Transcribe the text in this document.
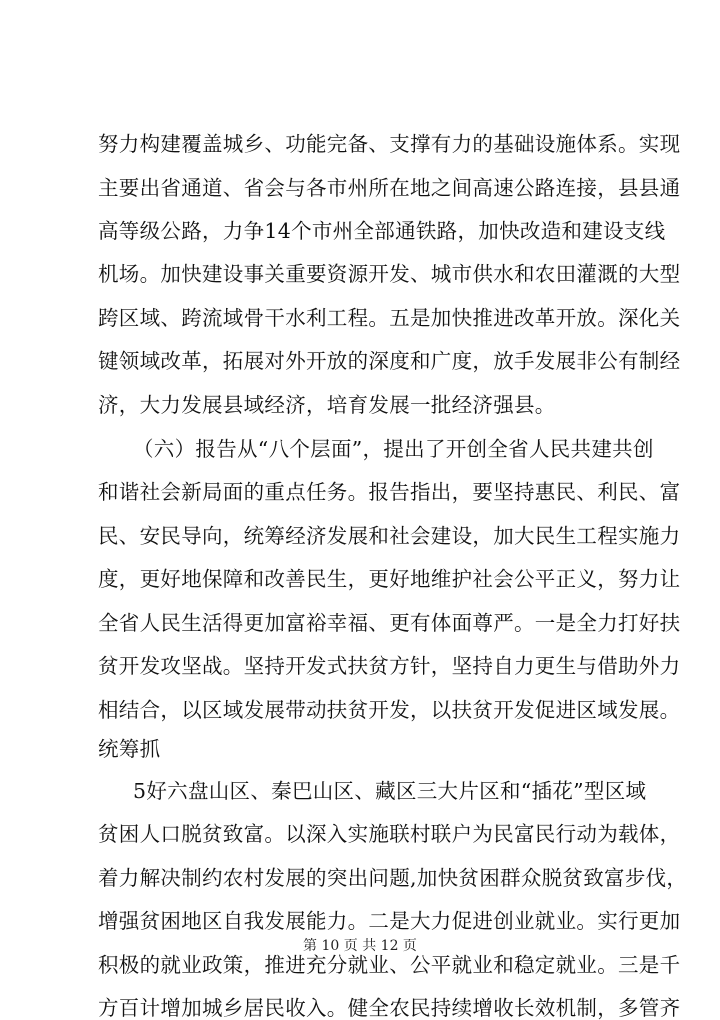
努力构建覆盖城乡、功能完备、支撑有力的基础设施体系。实现
主要出省通道、省会与各市州所在地之间高速公路连接，县县通
高等级公路，力争14个市州全部通铁路，加快改造和建设支线
机场。加快建设事关重要资源开发、城市供水和农田灌溉的大型
跨区域、跨流域骨干水利工程。五是加快推进改革开放。深化关
键领域改革，拓展对外开放的深度和广度，放手发展非公有制经
济，大力发展县域经济，培育发展一批经济强县。
（六）报告从“八个层面”，提出了开创全省人民共建共创
和谐社会新局面的重点任务。报告指出，要坚持惠民、利民、富
民、安民导向，统筹经济发展和社会建设，加大民生工程实施力
度，更好地保障和改善民生，更好地维护社会公平正义，努力让
全省人民生活得更加富裕幸福、更有体面尊严。一是全力打好扶
贫开发攻坚战。坚持开发式扶贫方针，坚持自力更生与借助外力
相结合，以区域发展带动扶贫开发，以扶贫开发促进区域发展。
统筹抓
5好六盘山区、秦巴山区、藏区三大片区和“插花”型区域
贫困人口脱贫致富。以深入实施联村联户为民富民行动为载体，
着力解决制约农村发展的突出问题,加快贫困群众脱贫致富步伐，
增强贫困地区自我发展能力。二是大力促进创业就业。实行更加
积极的就业政策，推进充分就业、公平就业和稳定就业。三是千
方百计增加城乡居民收入。健全农民持续增收长效机制，多管齐
第 10 页 共 12 页
